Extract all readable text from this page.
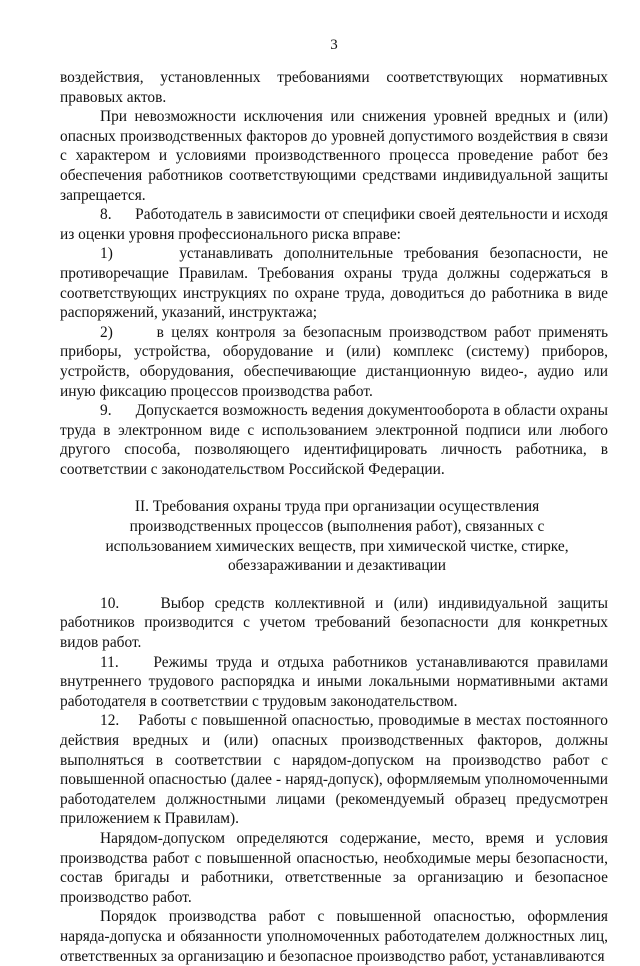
3

воздействия, установленных требованиями соответствующих нормативных правовых актов.

При невозможности исключения или снижения уровней вредных и (или) опасных производственных факторов до уровней допустимого воздействия в связи с характером и условиями производственного процесса проведение работ без обеспечения работников соответствующими средствами индивидуальной защиты запрещается.

8.      Работодатель в зависимости от специфики своей деятельности и исходя из оценки уровня профессионального риска вправе:

1)      устанавливать дополнительные требования безопасности, не противоречащие Правилам. Требования охраны труда должны содержаться в соответствующих инструкциях по охране труда, доводиться до работника в виде распоряжений, указаний, инструктажа;

2)      в целях контроля за безопасным производством работ применять приборы, устройства, оборудование и (или) комплекс (систему) приборов, устройств, оборудования, обеспечивающие дистанционную видео-, аудио или иную фиксацию процессов производства работ.

9.      Допускается возможность ведения документооборота в области охраны труда в электронном виде с использованием электронной подписи или любого другого способа, позволяющего идентифицировать личность работника, в соответствии с законодательством Российской Федерации.

II. Требования охраны труда при организации осуществления производственных процессов (выполнения работ), связанных с использованием химических веществ, при химической чистке, стирке, обеззараживании и дезактивации

10.    Выбор средств коллективной и (или) индивидуальной защиты работников производится с учетом требований безопасности для конкретных видов работ.

11.    Режимы труда и отдыха работников устанавливаются правилами внутреннего трудового распорядка и иными локальными нормативными актами работодателя в соответствии с трудовым законодательством.

12.    Работы с повышенной опасностью, проводимые в местах постоянного действия вредных и (или) опасных производственных факторов, должны выполняться в соответствии с нарядом-допуском на производство работ с повышенной опасностью (далее - наряд-допуск), оформляемым уполномоченными работодателем должностными лицами (рекомендуемый образец предусмотрен приложением к Правилам).

Нарядом-допуском определяются содержание, место, время и условия производства работ с повышенной опасностью, необходимые меры безопасности, состав бригады и работники, ответственные за организацию и безопасное производство работ.

Порядок производства работ с повышенной опасностью, оформления наряда-допуска и обязанности уполномоченных работодателем должностных лиц, ответственных за организацию и безопасное производство работ, устанавливаются
